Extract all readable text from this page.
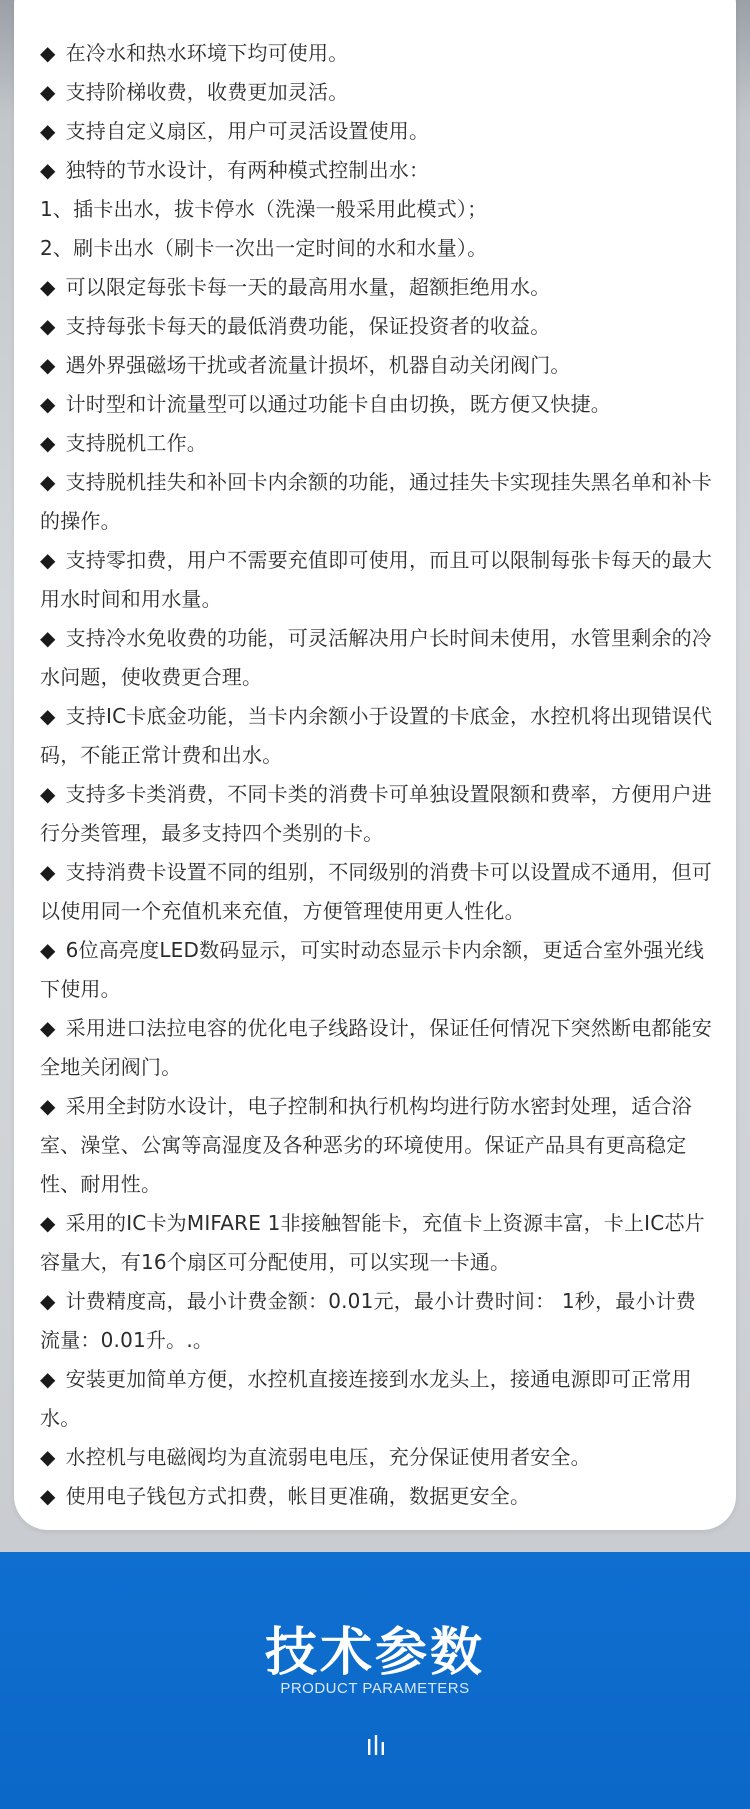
◆ 在冷水和热水环境下均可使用。
◆ 支持阶梯收费，收费更加灵活。
◆ 支持自定义扇区，用户可灵活设置使用。
◆ 独特的节水设计，有两种模式控制出水：
1、插卡出水，拔卡停水（洗澡一般采用此模式）；
2、刷卡出水（刷卡一次出一定时间的水和水量）。
◆ 可以限定每张卡每一天的最高用水量，超额拒绝用水。
◆ 支持每张卡每天的最低消费功能，保证投资者的收益。
◆ 遇外界强磁场干扰或者流量计损坏，机器自动关闭阀门。
◆ 计时型和计流量型可以通过功能卡自由切换，既方便又快捷。
◆ 支持脱机工作。
◆ 支持脱机挂失和补回卡内余额的功能，通过挂失卡实现挂失黑名单和补卡的操作。
◆ 支持零扣费，用户不需要充值即可使用，而且可以限制每张卡每天的最大用水时间和用水量。
◆ 支持冷水免收费的功能，可灵活解决用户长时间未使用，水管里剩余的冷水问题，使收费更合理。
◆ 支持IC卡底金功能，当卡内余额小于设置的卡底金，水控机将出现错误代码，不能正常计费和出水。
◆ 支持多卡类消费，不同卡类的消费卡可单独设置限额和费率，方便用户进行分类管理，最多支持四个类别的卡。
◆ 支持消费卡设置不同的组别，不同级别的消费卡可以设置成不通用，但可以使用同一个充值机来充值，方便管理使用更人性化。
◆ 6位高亮度LED数码显示，可实时动态显示卡内余额，更适合室外强光线下使用。
◆ 采用进口法拉电容的优化电子线路设计，保证任何情况下突然断电都能安全地关闭阀门。
◆ 采用全封防水设计，电子控制和执行机构均进行防水密封处理，适合浴室、澡堂、公寓等高湿度及各种恶劣的环境使用。保证产品具有更高稳定性、耐用性。
◆ 采用的IC卡为MIFARE 1非接触智能卡，充值卡上资源丰富，卡上IC芯片容量大，有16个扇区可分配使用，可以实现一卡通。
◆ 计费精度高，最小计费金额：0.01元，最小计费时间： 1秒，最小计费流量：0.01升。.。
◆ 安装更加简单方便，水控机直接连接到水龙头上，接通电源即可正常用水。
◆ 水控机与电磁阀均为直流弱电电压，充分保证使用者安全。
◆ 使用电子钱包方式扣费，帐目更准确，数据更安全。
技术参数
PRODUCT PARAMETERS
